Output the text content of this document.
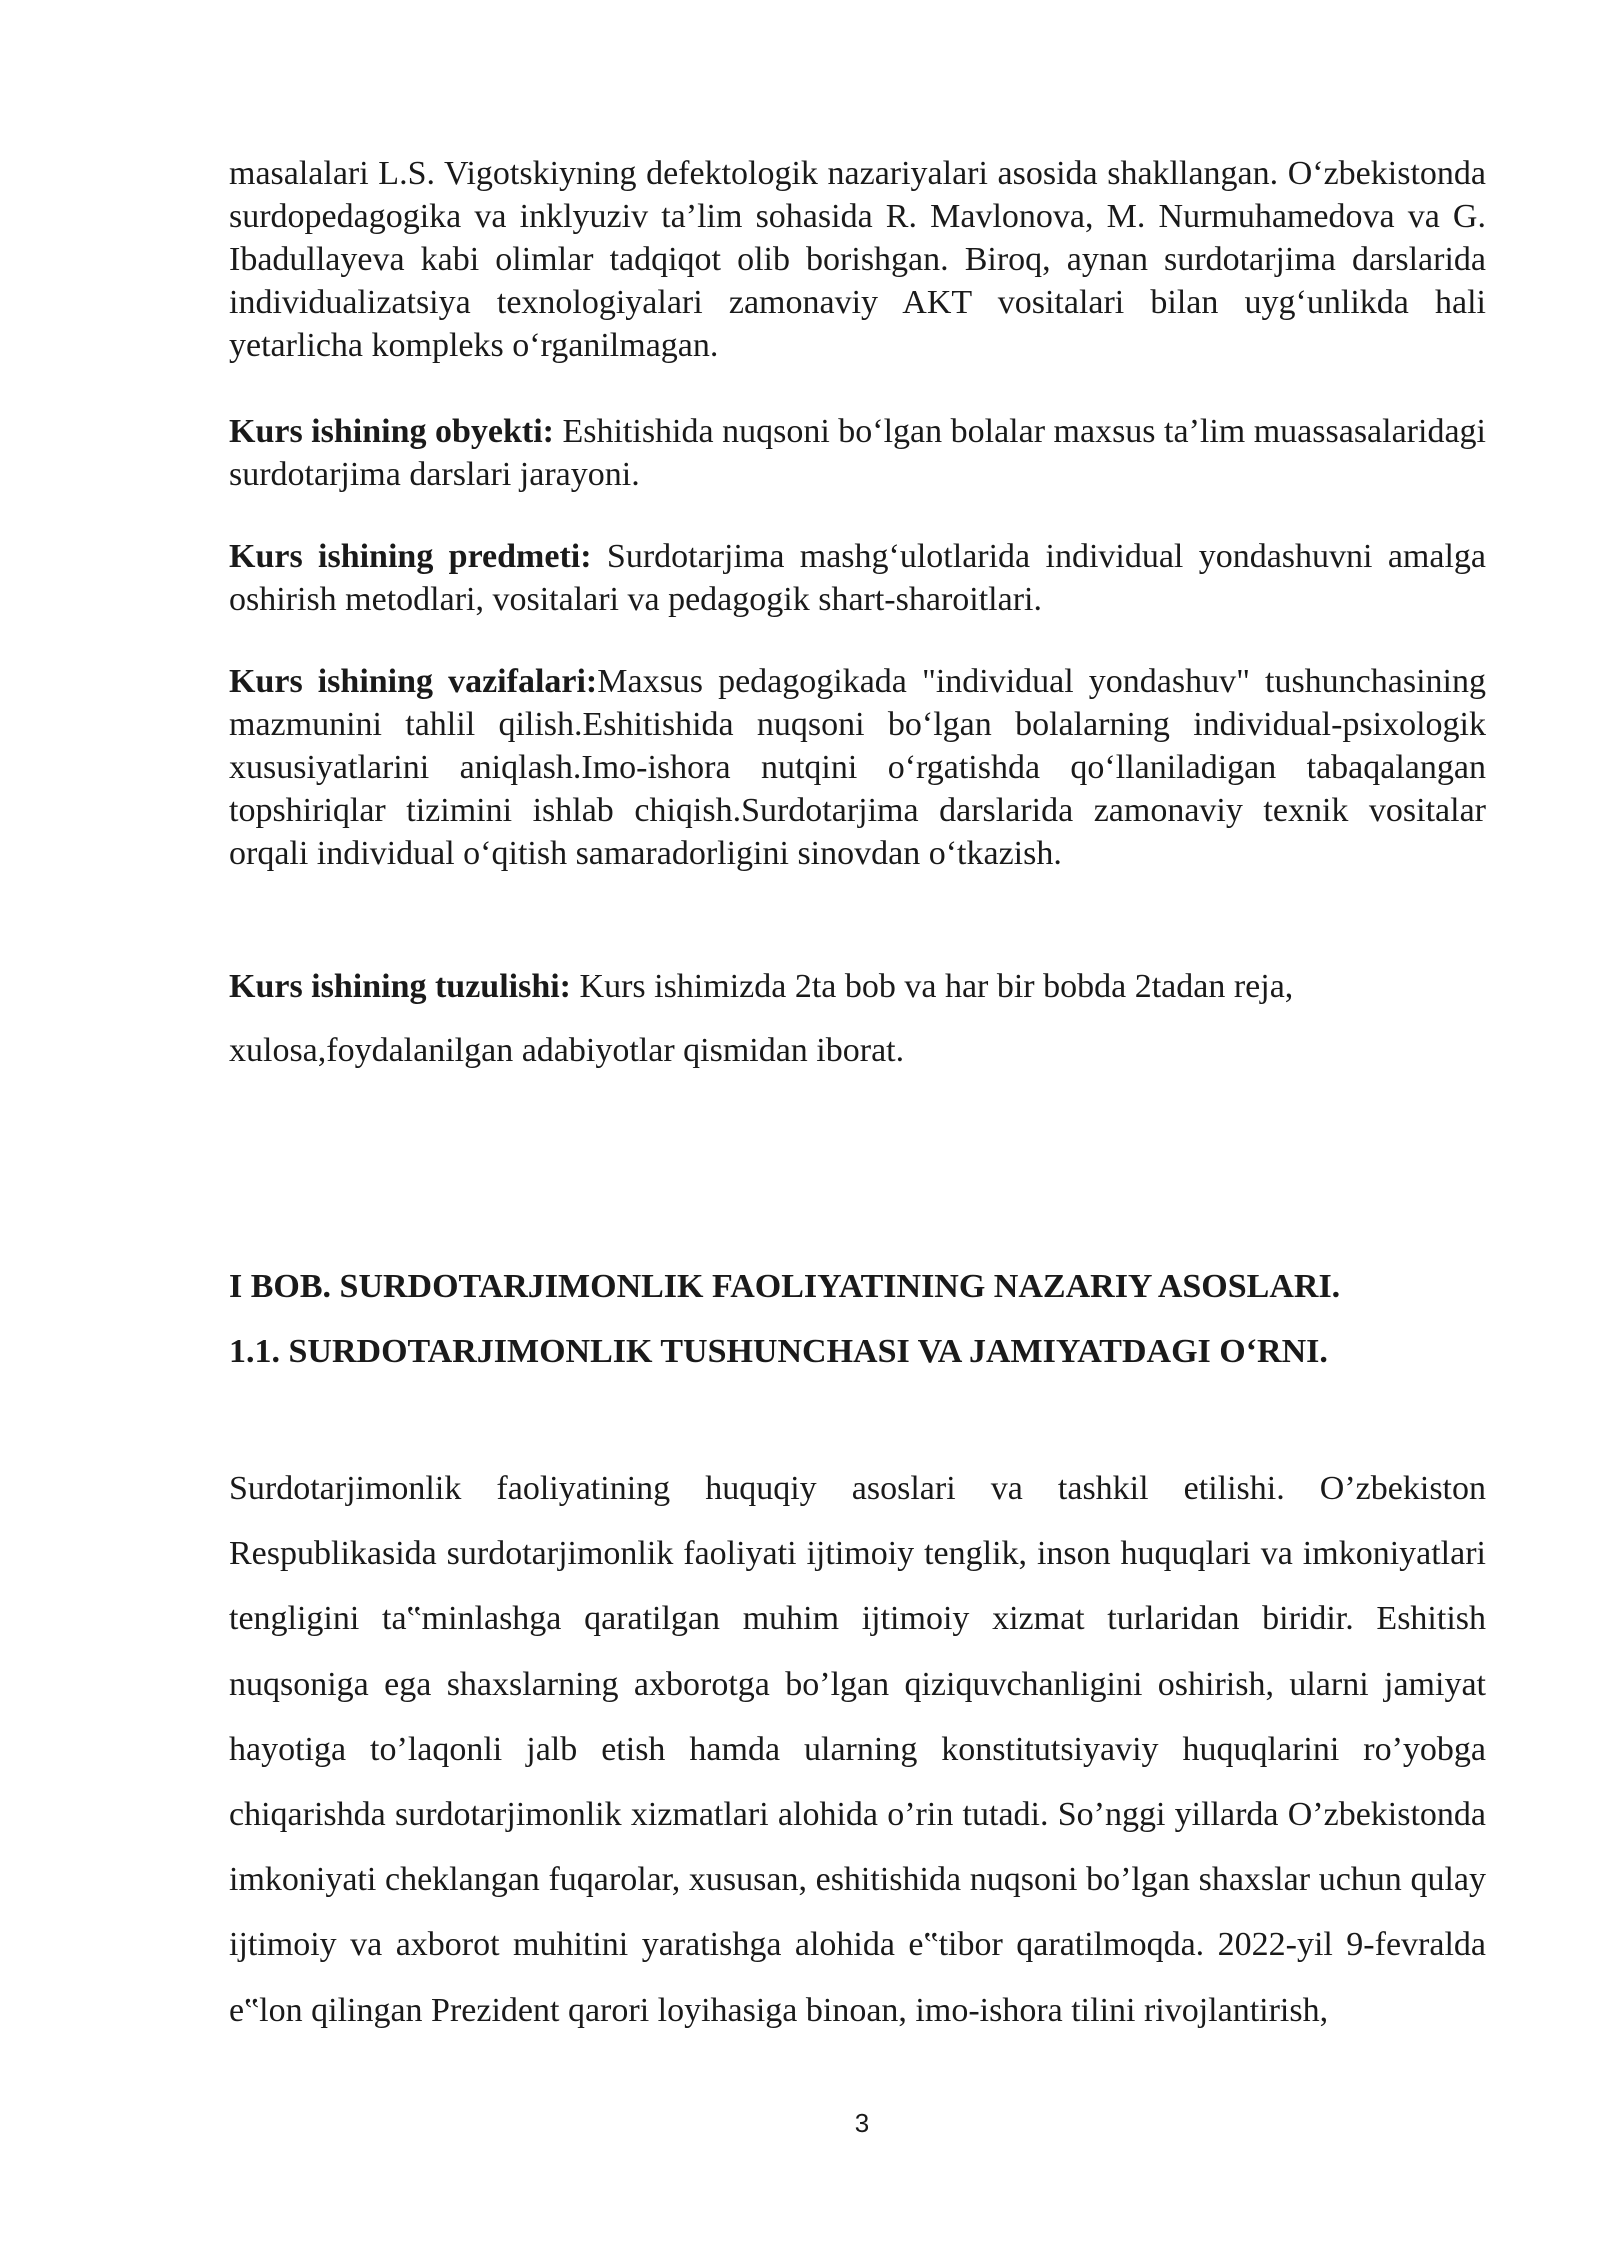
masalalari L.S. Vigotskiyning defektologik nazariyalari asosida shakllangan. O‘zbekistonda surdopedagogika va inklyuziv ta’lim sohasida R. Mavlonova, M. Nurmuhamedova va G. Ibadullayeva kabi olimlar tadqiqot olib borishgan. Biroq, aynan surdotarjima darslarida individualizatsiya texnologiyalari zamonaviy AKT vositalari bilan uyg‘unlikda hali yetarlicha kompleks o‘rganilmagan.

Kurs ishining obyekti: Eshitishida nuqsoni bo‘lgan bolalar maxsus ta’lim muassasalaridagi surdotarjima darslari jarayoni.

Kurs ishining predmeti: Surdotarjima mashg‘ulotlarida individual yondashuvni amalga oshirish metodlari, vositalari va pedagogik shart-sharoitlari.

Kurs ishining vazifalari:Maxsus pedagogikada "individual yondashuv" tushunchasining mazmunini tahlil qilish.Eshitishida nuqsoni bo‘lgan bolalarning individual-psixologik xususiyatlarini aniqlash.Imo-ishora nutqini o‘rgatishda qo‘llaniladigan tabaqalangan topshiriqlar tizimini ishlab chiqish.Surdotarjima darslarida zamonaviy texnik vositalar orqali individual o‘qitish samaradorligini sinovdan o‘tkazish.

Kurs ishining tuzulishi: Kurs ishimizda 2ta bob va har bir bobda 2tadan reja, xulosa,foydalanilgan adabiyotlar qismidan iborat.

I BOB. SURDOTARJIMONLIK FAOLIYATINING NAZARIY ASOSLARI.
1.1. SURDOTARJIMONLIK TUSHUNCHASI VA JAMIYATDAGI O‘RNI.

Surdotarjimonlik faoliyatining huquqiy asoslari va tashkil etilishi. O’zbekiston Respublikasida surdotarjimonlik faoliyati ijtimoiy tenglik, inson huquqlari va imkoniyatlari tengligini ta‟minlashga qaratilgan muhim ijtimoiy xizmat turlaridan biridir. Eshitish nuqsoniga ega shaxslarning axborotga bo’lgan qiziquvchanligini oshirish, ularni jamiyat hayotiga to’laqonli jalb etish hamda ularning konstitutsiyaviy huquqlarini ro’yobga chiqarishda surdotarjimonlik xizmatlari alohida o’rin tutadi. So’nggi yillarda O’zbekistonda imkoniyati cheklangan fuqarolar, xususan, eshitishida nuqsoni bo’lgan shaxslar uchun qulay ijtimoiy va axborot muhitini yaratishga alohida e‟tibor qaratilmoqda. 2022-yil 9-fevralda e‟lon qilingan Prezident qarori loyihasiga binoan, imo-ishora tilini rivojlantirish,

3
